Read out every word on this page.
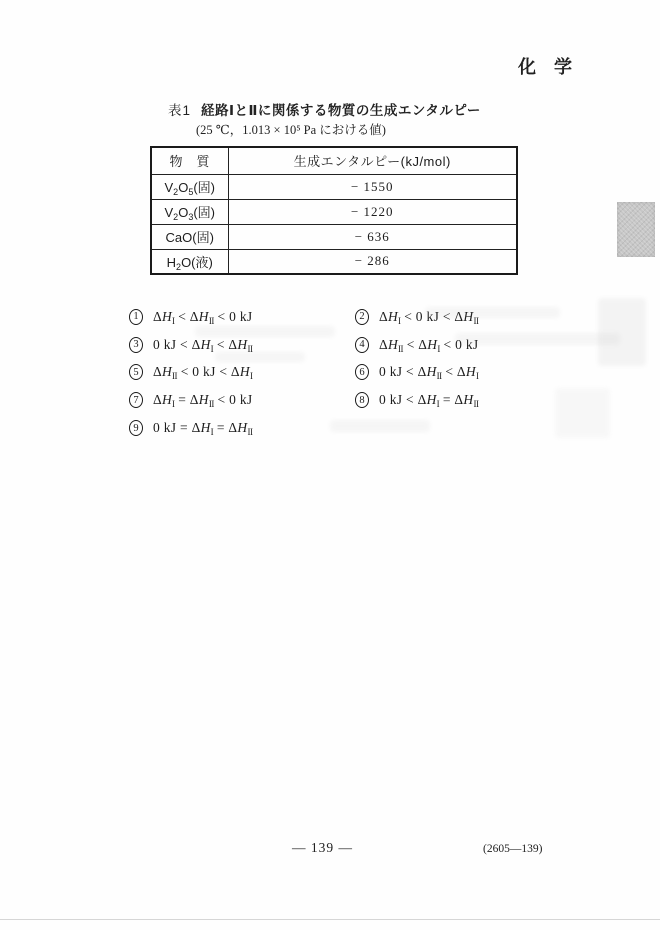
化　学
表1 経路ⅠとⅡに関係する物質の生成エンタルピー
(25 ℃，1.013 × 10⁵ Pa における値)
物　質	生成エンタルピー(kJ/mol)
$V_2O_5$(固)	− 1550
$V_2O_3$(固)	− 1220
CaO(固)	− 636
$H_2O$(液)	− 286
1	$\Delta H_I < \Delta H_{II} < 0$ kJ	2	$\Delta H_I < 0$ kJ < $\Delta H_{II}$
3	0 kJ < $\Delta H_I < \Delta H_{II}$	4	$\Delta H_{II} < \Delta H_I < 0$ kJ
5	$\Delta H_{II} < 0$ kJ < $\Delta H_I$	6	0 kJ < $\Delta H_{II} < \Delta H_I$
7	$\Delta H_I = \Delta H_{II} < 0$ kJ	8	0 kJ < $\Delta H_I = \Delta H_{II}$
9	0 kJ = $\Delta H_I = \Delta H_{II}$
— 139 —	(2605—139)
